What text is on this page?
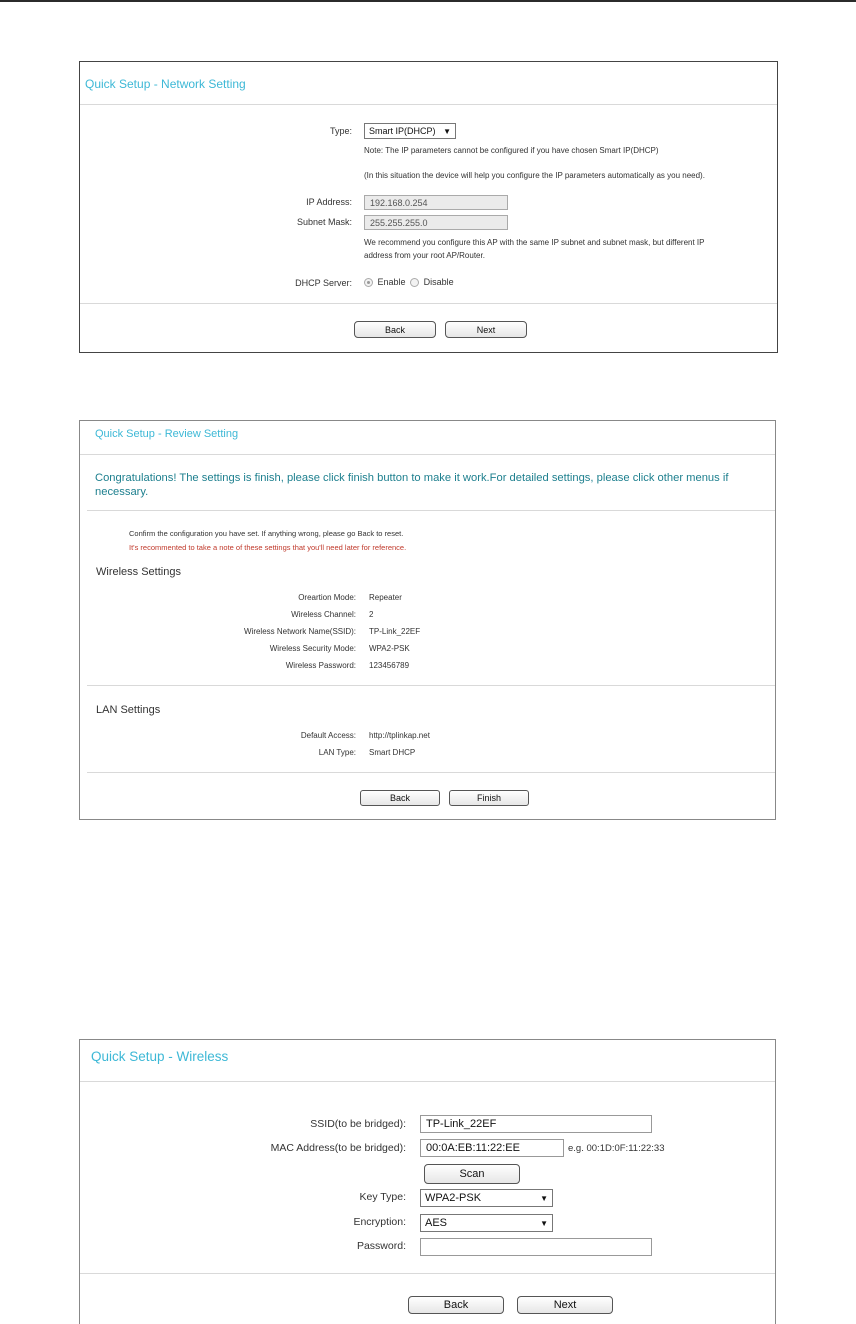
Quick Setup - Network Setting
Type: Smart IP(DHCP) ▼
Note: The IP parameters cannot be configured if you have chosen Smart IP(DHCP)
(In this situation the device will help you configure the IP parameters automatically as you need).
IP Address:	192.168.0.254
Subnet Mask:	255.255.255.0
We recommend you configure this AP with the same IP subnet and subnet mask, but different IP
address from your root AP/Router.
DHCP Server:	Enable Disable
Back	Next
Quick Setup - Review Setting
Congratulations! The settings is finish, please click finish button to make it work.For detailed settings, please click other menus if
necessary.
Confirm the configuration you have set. If anything wrong, please go Back to reset.
It's recommented to take a note of these settings that you'll need later for reference.
Wireless Settings
Oreartion Mode: Repeater
Wireless Channel: 2
Wireless Network Name(SSID): TP-Link_22EF
Wireless Security Mode: WPA2-PSK
Wireless Password: 123456789
LAN Settings
Default Access: http://tplinkap.net
LAN Type: Smart DHCP
Back	Finish
Quick Setup - Wireless
SSID(to be bridged):	TP-Link_22EF
MAC Address(to be bridged):	00:0A:EB:11:22:EE	e.g. 00:1D:0F:11:22:33
Scan
Key Type: WPA2-PSK	▼
Encryption: AES	▼
Password:
Back	Next
